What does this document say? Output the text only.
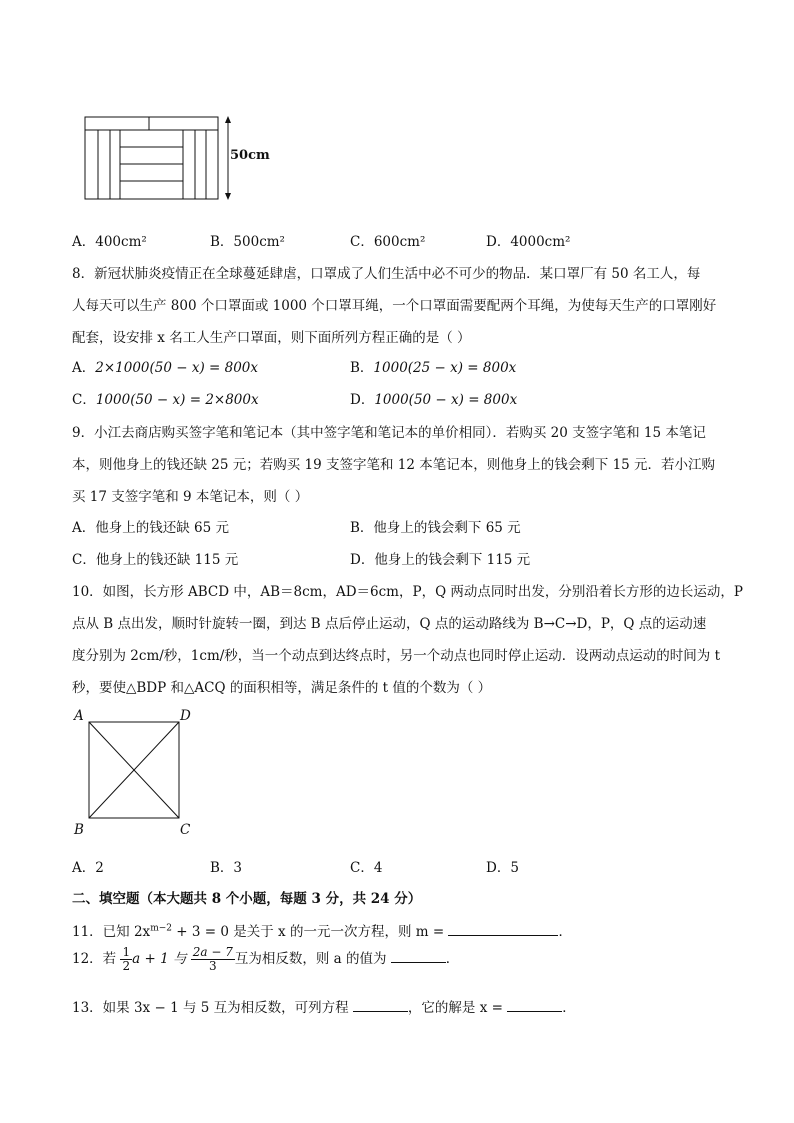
50cm
A．400cm²	B．500cm²	C．600cm²	D．4000cm²
8．新冠状肺炎疫情正在全球蔓延肆虐，口罩成了人们生活中必不可少的物品．某口罩厂有 50 名工人，每
人每天可以生产 800 个口罩面或 1000 个口罩耳绳，一个口罩面需要配两个耳绳，为使每天生产的口罩刚好
配套，设安排 x 名工人生产口罩面，则下面所列方程正确的是（ ）
A．2×1000(50 − x) = 800x	B．1000(25 − x) = 800x
C．1000(50 − x) = 2×800x	D．1000(50 − x) = 800x
9．小江去商店购买签字笔和笔记本（其中签字笔和笔记本的单价相同）．若购买 20 支签字笔和 15 本笔记
本，则他身上的钱还缺 25 元；若购买 19 支签字笔和 12 本笔记本，则他身上的钱会剩下 15 元．若小江购
买 17 支签字笔和 9 本笔记本，则（ ）
A．他身上的钱还缺 65 元	B．他身上的钱会剩下 65 元
C．他身上的钱还缺 115 元	D．他身上的钱会剩下 115 元
10．如图，长方形 ABCD 中，AB＝8cm，AD＝6cm，P，Q 两动点同时出发，分别沿着长方形的边长运动，P
点从 B 点出发，顺时针旋转一圈，到达 B 点后停止运动，Q 点的运动路线为 B→C→D，P，Q 点的运动速
度分别为 2cm/秒，1cm/秒，当一个动点到达终点时，另一个动点也同时停止运动．设两动点运动的时间为 t
秒，要使△BDP 和△ACQ 的面积相等，满足条件的 t 值的个数为（ ）
A	D
B	C
A．2	B．3	C．4	D．5
二、填空题（本大题共 8 个小题，每题 3 分，共 24 分）
11．已知 $2x^{m-2} + 3 = 0$ 是关于 x 的一元一次方程，则 m =	．
12．若 $\frac{1}{2}$ a + 1 与 $\frac{2a - 7}{3}$ 互为相反数，则 a 的值为	．
13．如果 3x − 1 与 5 互为相反数，可列方程	，它的解是 x =	．
